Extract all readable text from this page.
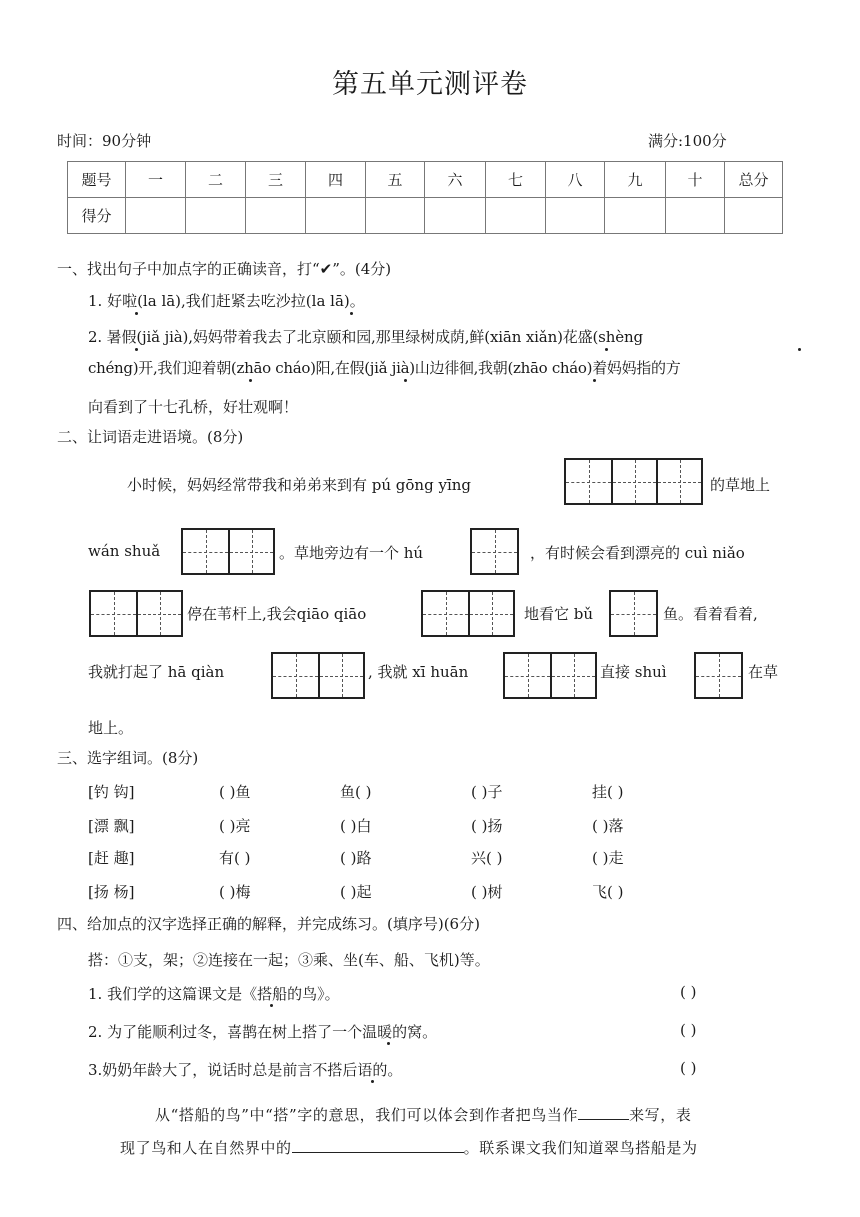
第五单元测评卷
时间：90分钟	满分:100分
题号	一	二	三	四	五	六	七	八	九	十	总分
得分											
一、找出句子中加点字的正确读音，打“✔”。(4分)
1. 好啦(la lā),我们赶紧去吃沙拉(la lā)。
2. 暑假(jiǎ jià),妈妈带着我去了北京颐和园,那里绿树成荫,鲜(xiān xiǎn)花盛(shèng
chéng)开,我们迎着朝(zhāo cháo)阳,在假(jiǎ jià)山边徘徊,我朝(zhāo cháo)着妈妈指的方
向看到了十七孔桥，好壮观啊！
二、让词语走进语境。(8分)
小时候，妈妈经常带我和弟弟来到有 pú gōng yīng	的草地上
wán shuǎ	。草地旁边有一个 hú	，有时候会看到漂亮的 cuì niǎo
停在苇杆上,我会qiāo qiāo	地看它 bǔ	鱼。看着看着,
我就打起了 hā qiàn	, 我就 xī huān	直接 shuì	在草
地上。
三、选字组词。(8分)
[钓 钩]	( )鱼	鱼( )	( )子	挂( )
[漂 飘]	( )亮	( )白	( )扬	( )落
[赶 趣]	有( )	( )路	兴( )	( )走
[扬 杨]	( )梅	( )起	( )树	飞( )
四、给加点的汉字选择正确的解释，并完成练习。(填序号)(6分)
搭：①支，架；②连接在一起；③乘、坐(车、船、飞机)等。
1. 我们学的这篇课文是《搭船的鸟》。	( )
2. 为了能顺利过冬，喜鹊在树上搭了一个温暖的窝。	( )
3.奶奶年龄大了，说话时总是前言不搭后语的。	( )
从“搭船的鸟”中“搭”字的意思，我们可以体会到作者把鸟当作	来写，表
现了鸟和人在自然界中的	。联系课文我们知道翠鸟搭船是为
